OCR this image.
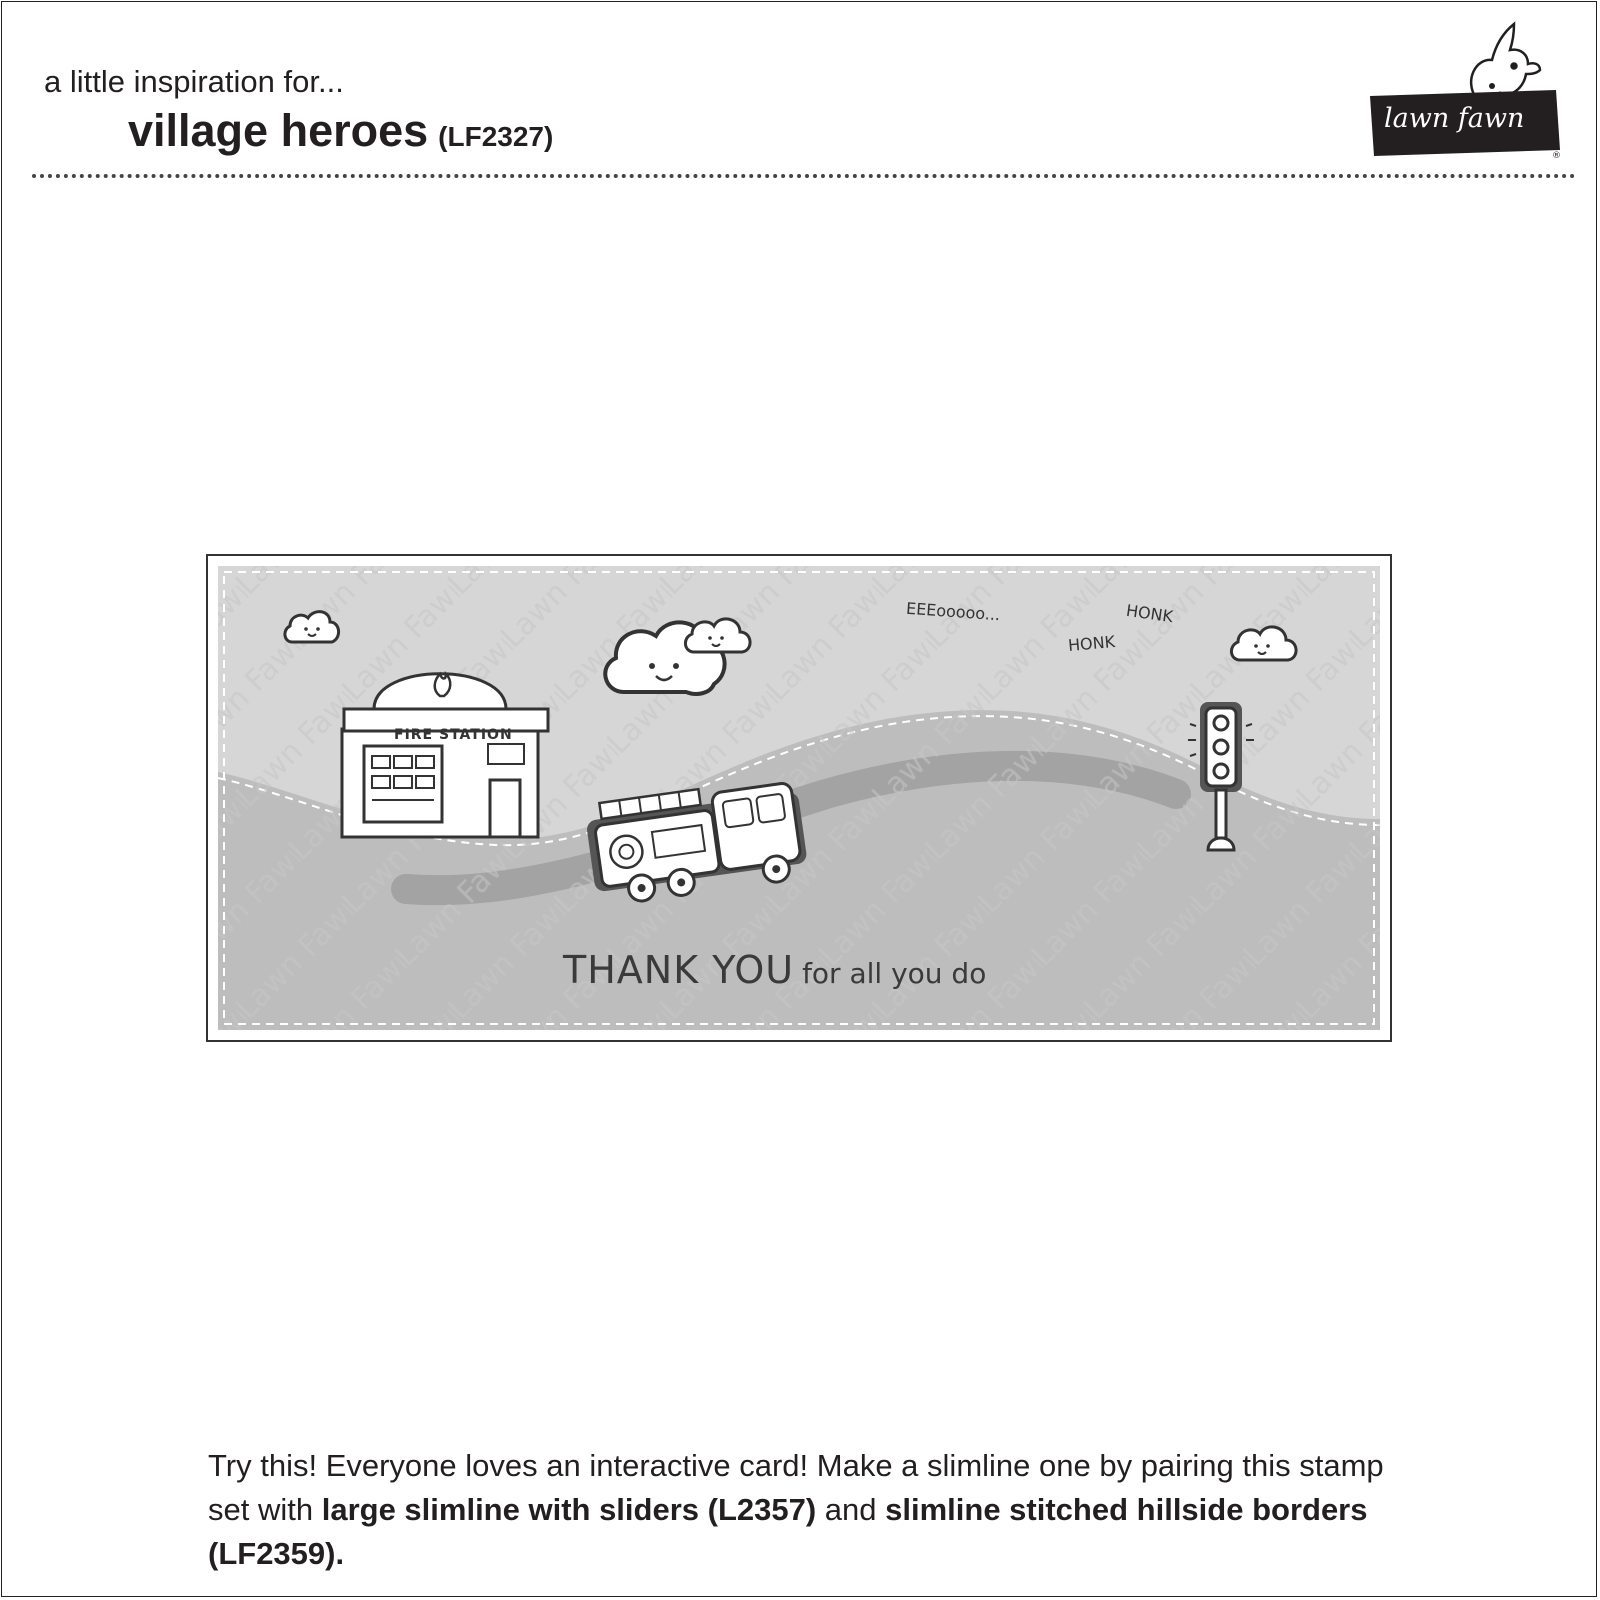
a little inspiration for...
village heroes (LF2327)
®
lawn fawn
EEEooooo...	HONK
HONK
FIRE STATION
THANK YOU for all you do
Try this! Everyone loves an interactive card! Make a slimline one by pairing this stamp set with large slimline with sliders (L2357) and slimline stitched hillside borders (LF2359).
